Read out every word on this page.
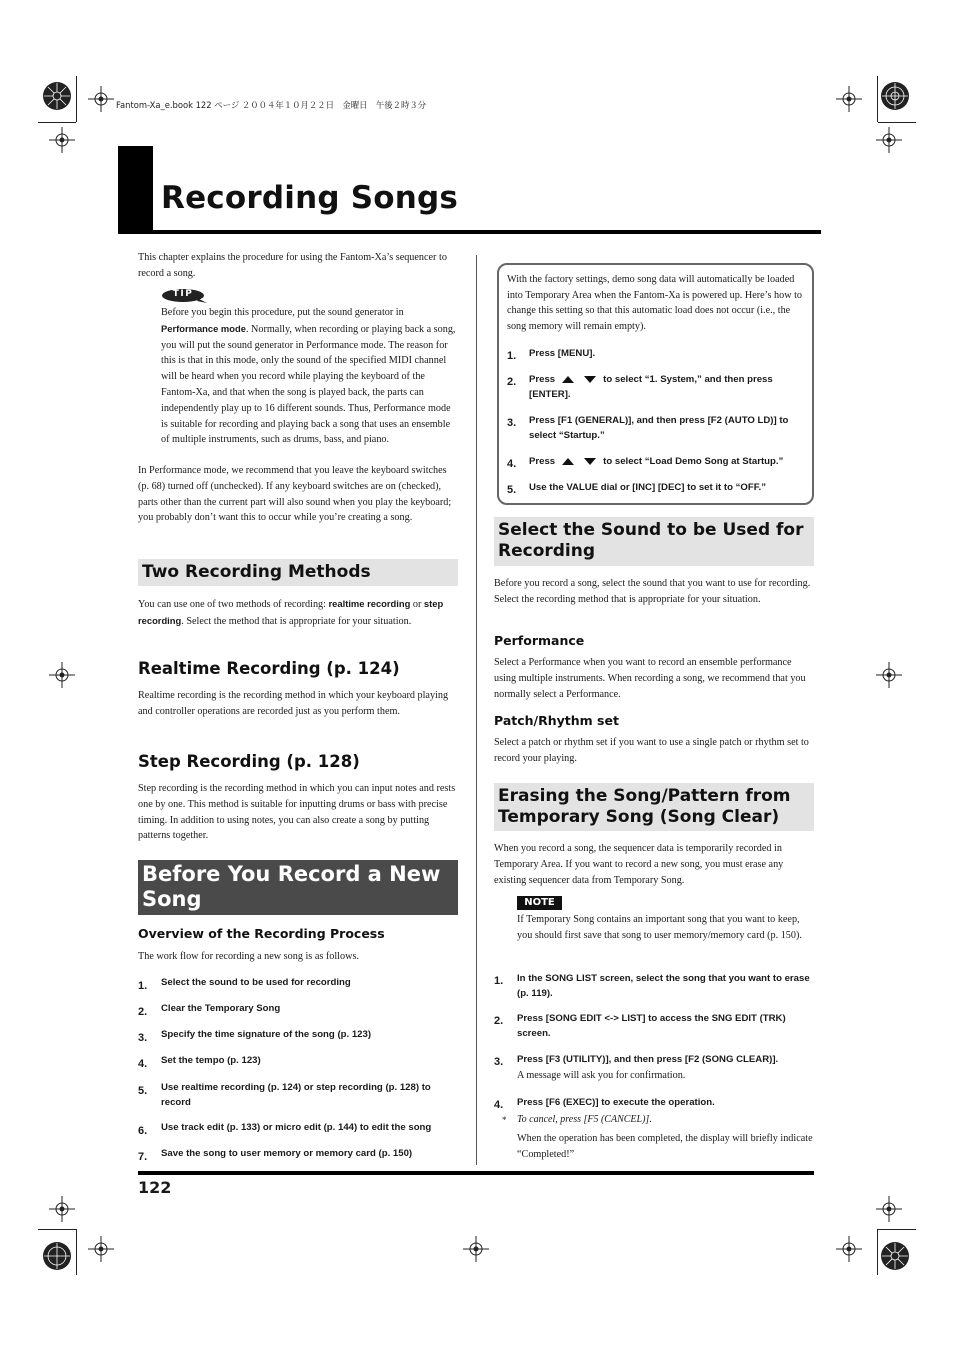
Fantom-Xa_e.book 122 ページ ２００４年１０月２２日　金曜日　午後２時３分
Recording Songs
This chapter explains the procedure for using the Fantom-Xa’s sequencer to record a song.
TIP
Before you begin this procedure, put the sound generator in Performance mode. Normally, when recording or playing back a song, you will put the sound generator in Performance mode. The reason for this is that in this mode, only the sound of the specified MIDI channel will be heard when you record while playing the keyboard of the Fantom-Xa, and that when the song is played back, the parts can independently play up to 16 different sounds. Thus, Performance mode is suitable for recording and playing back a song that uses an ensemble of multiple instruments, such as drums, bass, and piano.
In Performance mode, we recommend that you leave the keyboard switches (p. 68) turned off (unchecked). If any keyboard switches are on (checked), parts other than the current part will also sound when you play the keyboard; you probably don’t want this to occur while you’re creating a song.
Two Recording Methods
You can use one of two methods of recording: realtime recording or step recording. Select the method that is appropriate for your situation.
Realtime Recording (p. 124)
Realtime recording is the recording method in which your keyboard playing and controller operations are recorded just as you perform them.
Step Recording (p. 128)
Step recording is the recording method in which you can input notes and rests one by one. This method is suitable for inputting drums or bass with precise timing. In addition to using notes, you can also create a song by putting patterns together.
Before You Record a New Song
Overview of the Recording Process
The work flow for recording a new song is as follows.
1. Select the sound to be used for recording
2. Clear the Temporary Song
3. Specify the time signature of the song (p. 123)
4. Set the tempo (p. 123)
5. Use realtime recording (p. 124) or step recording (p. 128) to record
6. Use track edit (p. 133) or micro edit (p. 144) to edit the song
7. Save the song to user memory or memory card (p. 150)
With the factory settings, demo song data will automatically be loaded into Temporary Area when the Fantom-Xa is powered up. Here’s how to change this setting so that this automatic load does not occur (i.e., the song memory will remain empty).
1. Press [MENU].
2. Press	to select “1. System,” and then press [ENTER].
3. Press [F1 (GENERAL)], and then press [F2 (AUTO LD)] to select “Startup.”
4. Press	to select “Load Demo Song at Startup.”
5. Use the VALUE dial or [INC] [DEC] to set it to “OFF.”
Select the Sound to be Used for Recording
Before you record a song, select the sound that you want to use for recording. Select the recording method that is appropriate for your situation.
Performance
Select a Performance when you want to record an ensemble performance using multiple instruments. When recording a song, we recommend that you normally select a Performance.
Patch/Rhythm set
Select a patch or rhythm set if you want to use a single patch or rhythm set to record your playing.
Erasing the Song/Pattern from Temporary Song (Song Clear)
When you record a song, the sequencer data is temporarily recorded in Temporary Area. If you want to record a new song, you must erase any existing sequencer data from Temporary Song.
NOTE
If Temporary Song contains an important song that you want to keep, you should first save that song to user memory/memory card (p. 150).
1. In the SONG LIST screen, select the song that you want to erase (p. 119).
2. Press [SONG EDIT <-> LIST] to access the SNG EDIT (TRK) screen.
3. Press [F3 (UTILITY)], and then press [F2 (SONG CLEAR)].
A message will ask you for confirmation.
4. Press [F6 (EXEC)] to execute the operation.
* To cancel, press [F5 (CANCEL)].
When the operation has been completed, the display will briefly indicate “Completed!”
122
